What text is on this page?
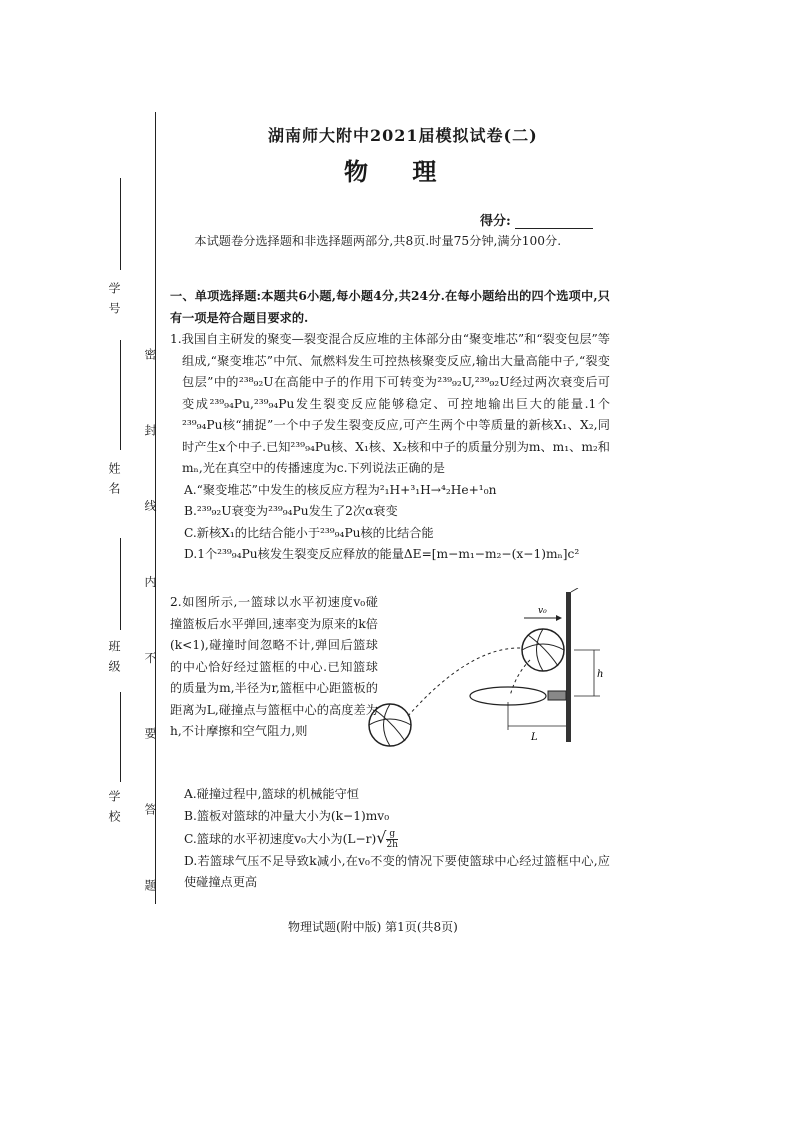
学 号
姓 名
班 级
学 校 密 封 线 内 不 要 答 题
湖南师大附中2021届模拟试卷(二)
物 理
得分:
本试题卷分选择题和非选择题两部分,共8页.时量75分钟,满分100分.
一、单项选择题:本题共6小题,每小题4分,共24分.在每小题给出的四个选项中,只有一项是符合题目要求的.
1.我国自主研发的聚变—裂变混合反应堆的主体部分由“聚变堆芯”和“裂变包层”等组成,“聚变堆芯”中氘、氚燃料发生可控热核聚变反应,输出大量高能中子,“裂变包层”中的²³⁸₉₂U在高能中子的作用下可转变为²³⁹₉₂U,²³⁹₉₂U经过两次衰变后可变成²³⁹₉₄Pu,²³⁹₉₄Pu发生裂变反应能够稳定、可控地输出巨大的能量.1个²³⁹₉₄Pu核“捕捉”一个中子发生裂变反应,可产生两个中等质量的新核X₁、X₂,同时产生x个中子.已知²³⁹₉₄Pu核、X₁核、X₂核和中子的质量分别为m、m₁、m₂和mₙ,光在真空中的传播速度为c.下列说法正确的是
A.“聚变堆芯”中发生的核反应方程为²₁H+³₁H→⁴₂He+¹₀n
B.²³⁹₉₂U衰变为²³⁹₉₄Pu发生了2次α衰变
C.新核X₁的比结合能小于²³⁹₉₄Pu核的比结合能
D.1个²³⁹₉₄Pu核发生裂变反应释放的能量ΔE=[m−m₁−m₂−(x−1)mₙ]c²
2.如图所示,一篮球以水平初速度v₀碰撞篮板后水平弹回,速率变为原来的k倍(k<1),碰撞时间忽略不计,弹回后篮球的中心恰好经过篮框的中心.已知篮球的质量为m,半径为r,篮框中心距篮板的距离为L,碰撞点与篮框中心的高度差为h,不计摩擦和空气阻力,则
v₀
h
L
A.碰撞过程中,篮球的机械能守恒
B.篮板对篮球的冲量大小为(k−1)mv₀
C.篮球的水平初速度v₀大小为$(L-r)√ \frac{g}{2h}$
D.若篮球气压不足导致k减小,在v₀不变的情况下要使篮球中心经过篮框中心,应使碰撞点更高
物理试题(附中版) 第1页(共8页)
